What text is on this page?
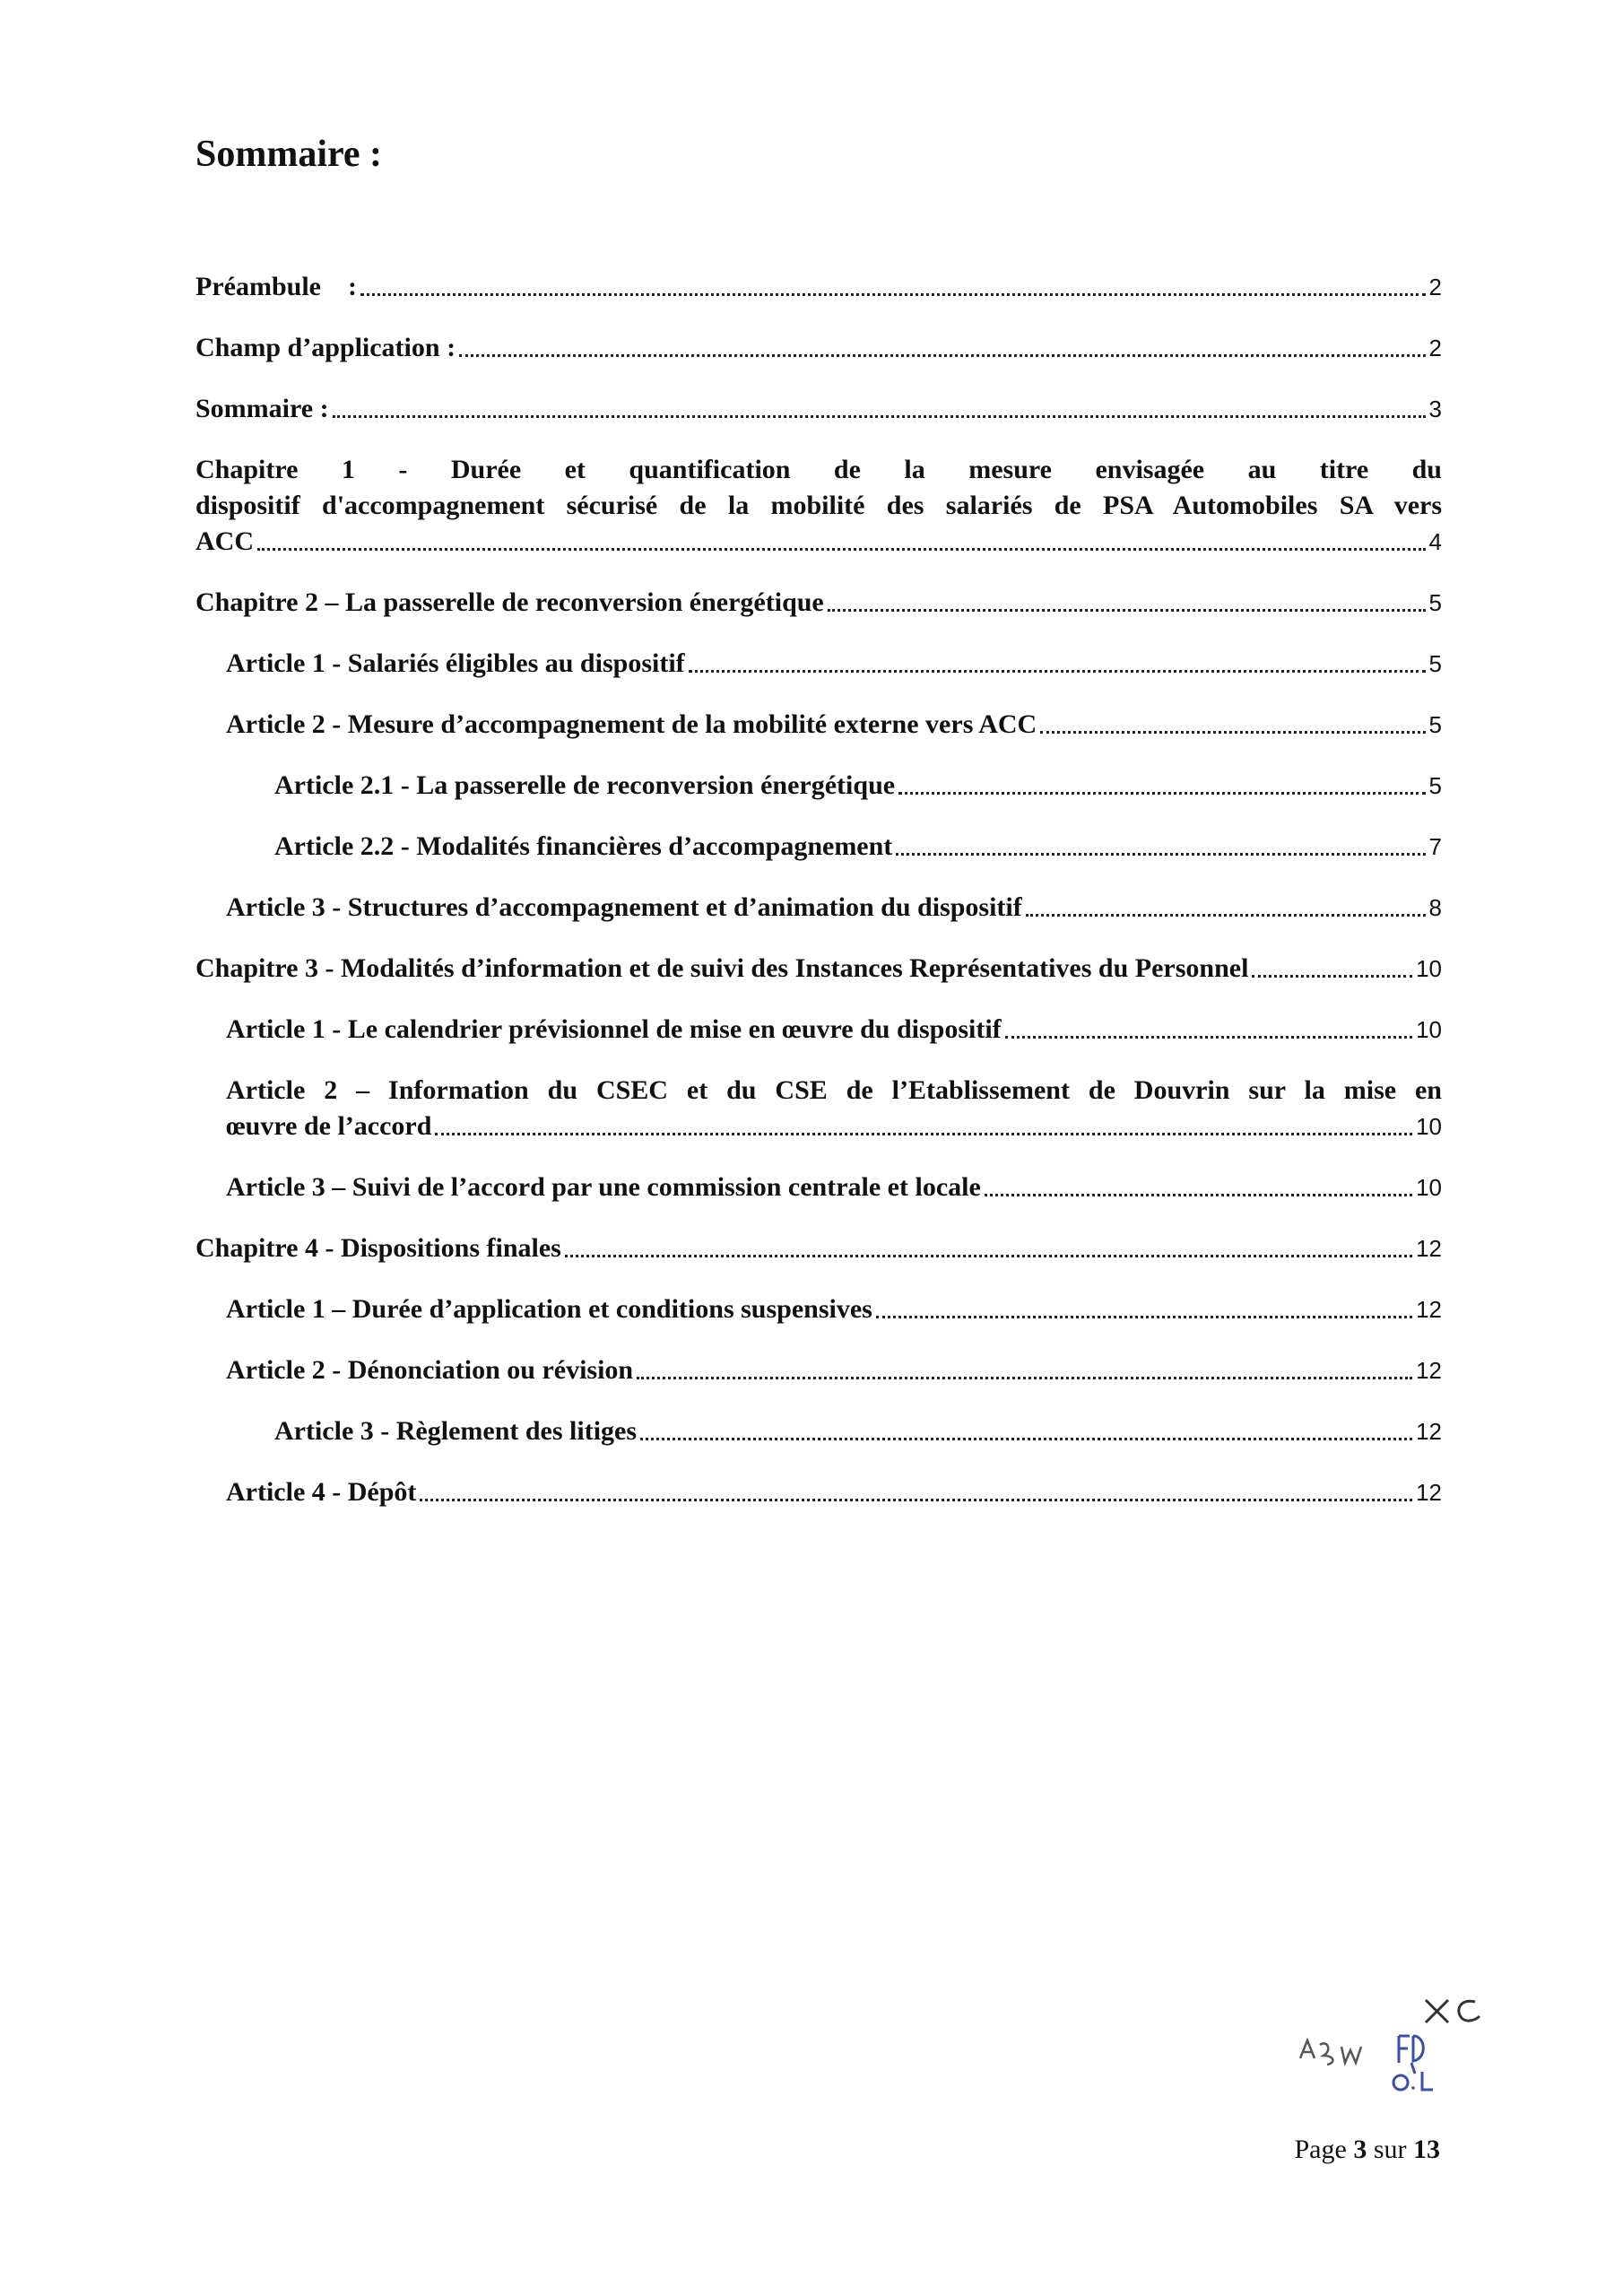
Sommaire :
Préambule    :	2
Champ d’application :	2
Sommaire :	3
Chapitre 1 - Durée et quantification de la mesure envisagée au titre du
dispositif d'accompagnement sécurisé de la mobilité des salariés de PSA Automobiles SA vers
ACC	4
Chapitre 2 – La passerelle de reconversion énergétique	5
Article 1 - Salariés éligibles au dispositif	5
Article 2 - Mesure d’accompagnement de la mobilité externe vers ACC	5
Article 2.1 - La passerelle de reconversion énergétique	5
Article 2.2 - Modalités financières d’accompagnement	7
Article 3 - Structures d’accompagnement et d’animation du dispositif	8
Chapitre 3 - Modalités d’information et de suivi des Instances Représentatives du Personnel	10
Article 1 - Le calendrier prévisionnel de mise en œuvre du dispositif	10
Article 2 – Information du CSEC et du CSE de l’Etablissement de Douvrin sur la mise en
œuvre de l’accord	10
Article 3 – Suivi de l’accord par une commission centrale et locale	10
Chapitre 4 - Dispositions finales	12
Article 1 – Durée d’application et conditions suspensives	12
Article 2 - Dénonciation ou révision	12
Article 3 - Règlement des litiges	12
Article 4 - Dépôt	12
Page 3 sur 13
